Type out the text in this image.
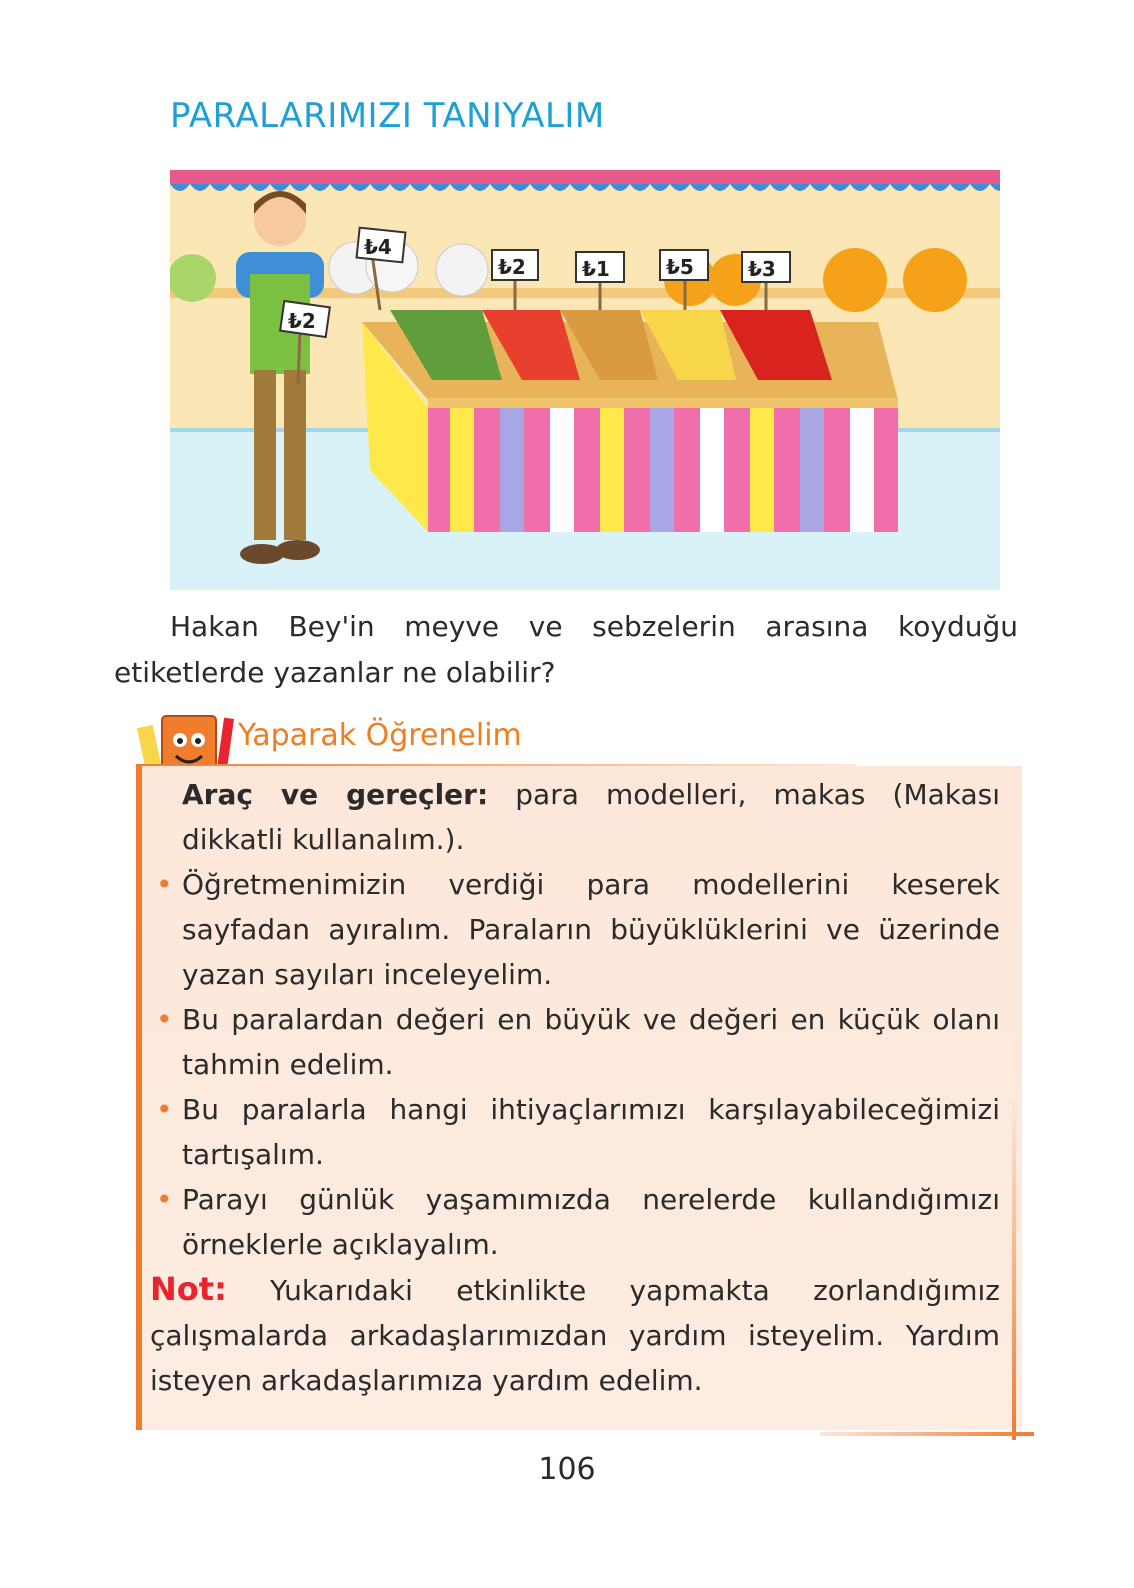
PARALARIMIZI TANIYALIM
₺4
₺2
₺2	₺1	₺5	₺3
Hakan Bey'in meyve ve sebzelerin arasına koyduğu etiketlerde yazanlar ne olabilir?
Yaparak Öğrenelim
Araç ve gereçler: para modelleri, makas (Makası dikkatli kullanalım.).
• Öğretmenimizin verdiği para modellerini keserek sayfadan ayıralım. Paraların büyüklüklerini ve üzerinde yazan sayıları inceleyelim.
• Bu paralardan değeri en büyük ve değeri en küçük olanı tahmin edelim.
• Bu paralarla hangi ihtiyaçlarımızı karşılayabileceğimizi tartışalım.
• Parayı günlük yaşamımızda nerelerde kullandığımızı örneklerle açıklayalım.
Not: Yukarıdaki etkinlikte yapmakta zorlandığımız çalışmalarda arkadaşlarımızdan yardım isteyelim. Yardım isteyen arkadaşlarımıza yardım edelim.
106
